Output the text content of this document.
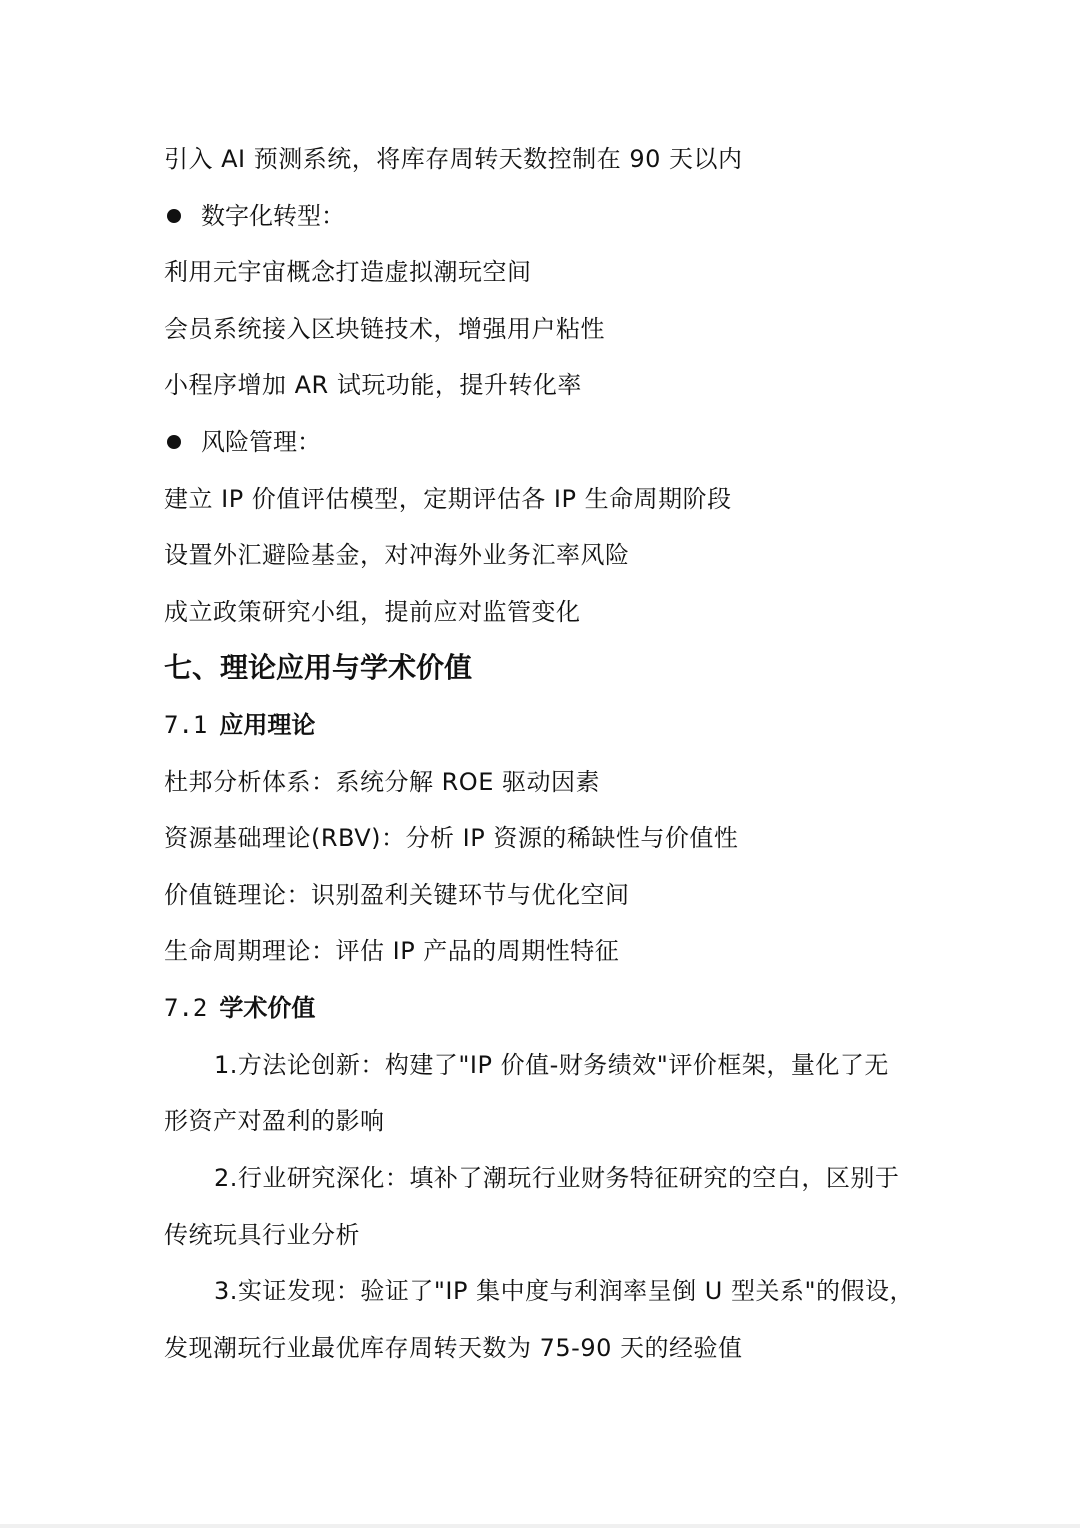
引入 AI 预测系统，将库存周转天数控制在 90 天以内
数字化转型：
利用元宇宙概念打造虚拟潮玩空间
会员系统接入区块链技术，增强用户粘性
小程序增加 AR 试玩功能，提升转化率
风险管理：
建立 IP 价值评估模型，定期评估各 IP 生命周期阶段
设置外汇避险基金，对冲海外业务汇率风险
成立政策研究小组，提前应对监管变化
七、理论应用与学术价值
7.1 应用理论
杜邦分析体系：系统分解 ROE 驱动因素
资源基础理论(RBV)：分析 IP 资源的稀缺性与价值性
价值链理论：识别盈利关键环节与优化空间
生命周期理论：评估 IP 产品的周期性特征
7.2 学术价值
1.方法论创新：构建了"IP 价值-财务绩效"评价框架，量化了无
形资产对盈利的影响
2.行业研究深化：填补了潮玩行业财务特征研究的空白，区别于
传统玩具行业分析
3.实证发现：验证了"IP 集中度与利润率呈倒 U 型关系"的假设，
发现潮玩行业最优库存周转天数为 75-90 天的经验值
